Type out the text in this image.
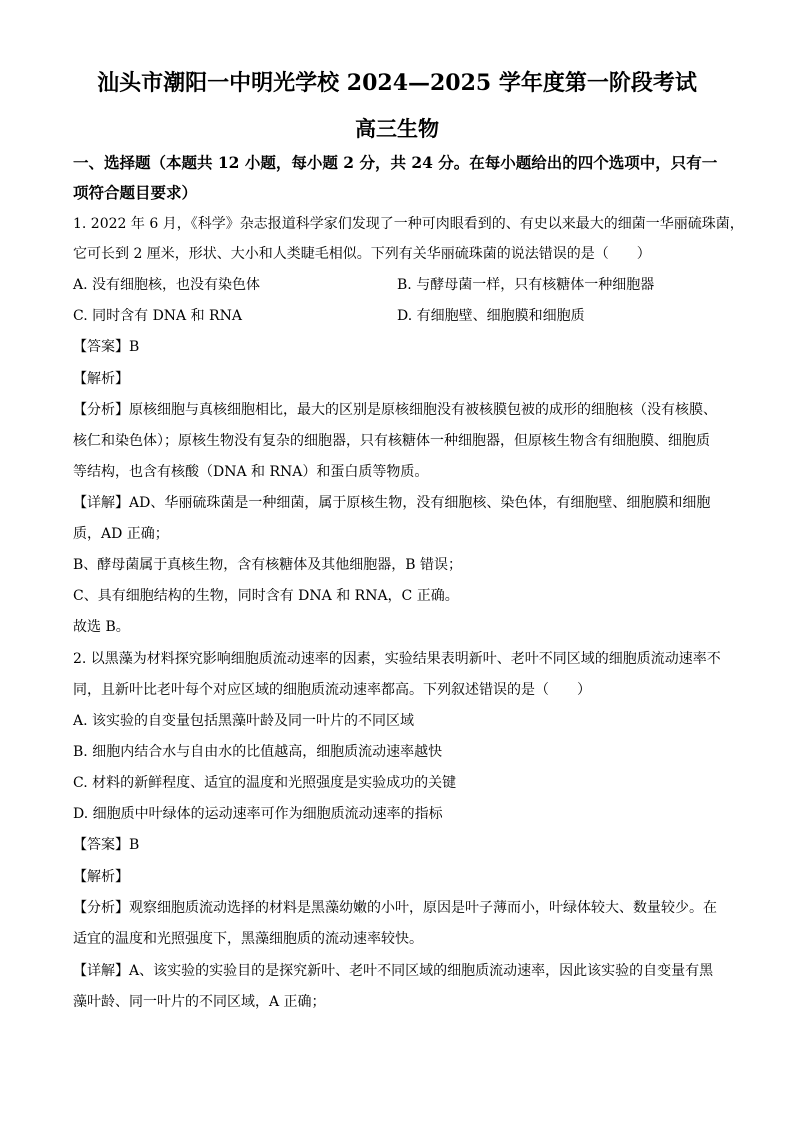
汕头市潮阳一中明光学校 2024—2025 学年度第一阶段考试
高三生物
一、选择题（本题共 12 小题，每小题 2 分，共 24 分。在每小题给出的四个选项中，只有一
项符合题目要求）
1. 2022 年 6 月，《科学》杂志报道科学家们发现了一种可肉眼看到的、有史以来最大的细菌一华丽硫珠菌，
它可长到 2 厘米，形状、大小和人类睫毛相似。下列有关华丽硫珠菌的说法错误的是（　　）
A. 没有细胞核，也没有染色体	B. 与酵母菌一样，只有核糖体一种细胞器
C. 同时含有 DNA 和 RNA	D. 有细胞壁、细胞膜和细胞质
【答案】B
【解析】
【分析】原核细胞与真核细胞相比，最大的区别是原核细胞没有被核膜包被的成形的细胞核（没有核膜、
核仁和染色体）；原核生物没有复杂的细胞器，只有核糖体一种细胞器，但原核生物含有细胞膜、细胞质
等结构，也含有核酸（DNA 和 RNA）和蛋白质等物质。
【详解】AD、华丽硫珠菌是一种细菌，属于原核生物，没有细胞核、染色体，有细胞壁、细胞膜和细胞
质，AD 正确；
B、酵母菌属于真核生物，含有核糖体及其他细胞器，B 错误；
C、具有细胞结构的生物，同时含有 DNA 和 RNA，C 正确。
故选 B。
2. 以黑藻为材料探究影响细胞质流动速率的因素，实验结果表明新叶、老叶不同区域的细胞质流动速率不
同，且新叶比老叶每个对应区域的细胞质流动速率都高。下列叙述错误的是（　　）
A. 该实验的自变量包括黑藻叶龄及同一叶片的不同区域
B. 细胞内结合水与自由水的比值越高，细胞质流动速率越快
C. 材料的新鲜程度、适宜的温度和光照强度是实验成功的关键
D. 细胞质中叶绿体的运动速率可作为细胞质流动速率的指标
【答案】B
【解析】
【分析】观察细胞质流动选择的材料是黑藻幼嫩的小叶，原因是叶子薄而小，叶绿体较大、数量较少。在
适宜的温度和光照强度下，黑藻细胞质的流动速率较快。
【详解】A、该实验的实验目的是探究新叶、老叶不同区域的细胞质流动速率，因此该实验的自变量有黑
藻叶龄、同一叶片的不同区域，A 正确；
